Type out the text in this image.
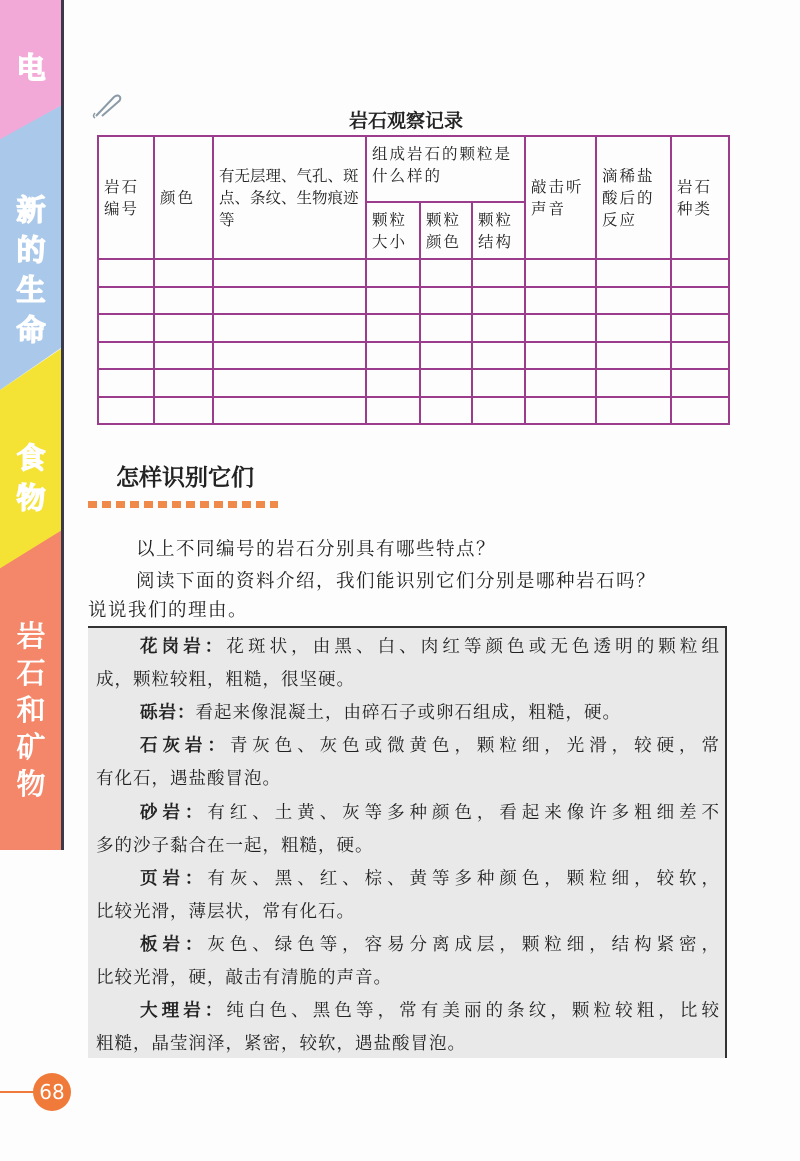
电
新
的
生
命
食
物
岩
石
和
矿
物
岩石观察记录
岩石编号	颜色	有无层理、气孔、斑点、条纹、生物痕迹等	组成岩石的颗粒是什么样的			敲击听声音	滴稀盐酸后的反应	岩石种类
			颗粒大小	颗粒颜色	颗粒结构			

怎样识别它们
以上不同编号的岩石分别具有哪些特点？
阅读下面的资料介绍，我们能识别它们分别是哪种岩石吗？
说说我们的理由。
花岗岩：花斑状，由黑、白、肉红等颜色或无色透明的颗粒组
成，颗粒较粗，粗糙，很坚硬。
砾岩：看起来像混凝土，由碎石子或卵石组成，粗糙，硬。
石灰岩：青灰色、灰色或微黄色，颗粒细，光滑，较硬，常
有化石，遇盐酸冒泡。
砂岩：有红、土黄、灰等多种颜色，看起来像许多粗细差不
多的沙子黏合在一起，粗糙，硬。
页岩：有灰、黑、红、棕、黄等多种颜色，颗粒细，较软，
比较光滑，薄层状，常有化石。
板岩：灰色、绿色等，容易分离成层，颗粒细，结构紧密，
比较光滑，硬，敲击有清脆的声音。
大理岩：纯白色、黑色等，常有美丽的条纹，颗粒较粗，比较
粗糙，晶莹润泽，紧密，较软，遇盐酸冒泡。
68
